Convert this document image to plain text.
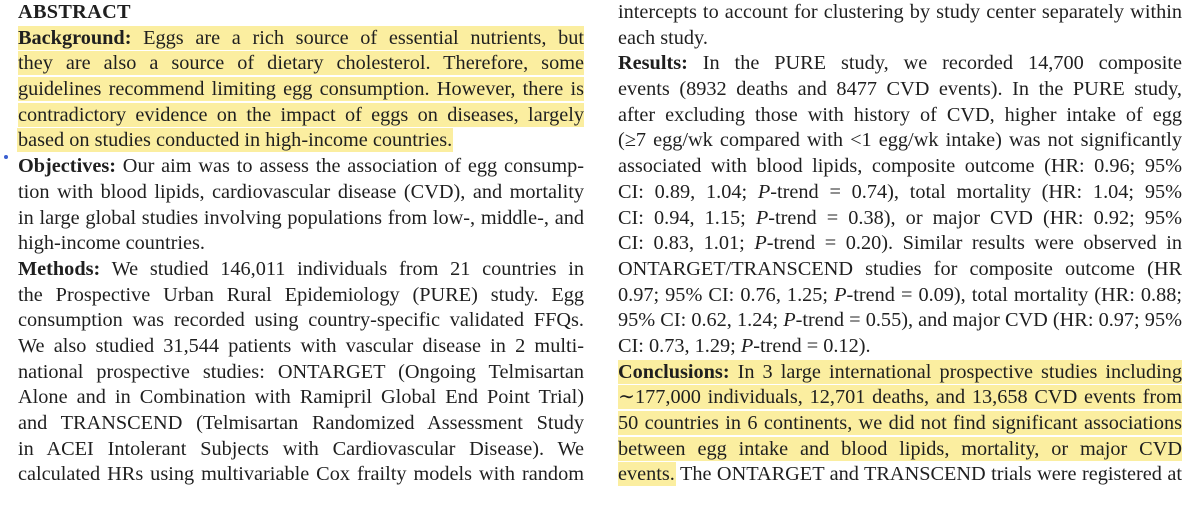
ABSTRACT
Background: Eggs are a rich source of essential nutrients, but
they are also a source of dietary cholesterol. Therefore, some
guidelines recommend limiting egg consumption. However, there is
contradictory evidence on the impact of eggs on diseases, largely
based on studies conducted in high-income countries.
Objectives: Our aim was to assess the association of egg consump-
tion with blood lipids, cardiovascular disease (CVD), and mortality
in large global studies involving populations from low-, middle-, and
high-income countries.
Methods: We studied 146,011 individuals from 21 countries in
the Prospective Urban Rural Epidemiology (PURE) study. Egg
consumption was recorded using country-specific validated FFQs.
We also studied 31,544 patients with vascular disease in 2 multi-
national prospective studies: ONTARGET (Ongoing Telmisartan
Alone and in Combination with Ramipril Global End Point Trial)
and TRANSCEND (Telmisartan Randomized Assessment Study
in ACEI Intolerant Subjects with Cardiovascular Disease). We
calculated HRs using multivariable Cox frailty models with random
intercepts to account for clustering by study center separately within
each study.
Results: In the PURE study, we recorded 14,700 composite
events (8932 deaths and 8477 CVD events). In the PURE study,
after excluding those with history of CVD, higher intake of egg
(≥7 egg/wk compared with <1 egg/wk intake) was not significantly
associated with blood lipids, composite outcome (HR: 0.96; 95%
CI: 0.89, 1.04; P-trend = 0.74), total mortality (HR: 1.04; 95%
CI: 0.94, 1.15; P-trend = 0.38), or major CVD (HR: 0.92; 95%
CI: 0.83, 1.01; P-trend = 0.20). Similar results were observed in
ONTARGET/TRANSCEND studies for composite outcome (HR
0.97; 95% CI: 0.76, 1.25; P-trend = 0.09), total mortality (HR: 0.88;
95% CI: 0.62, 1.24; P-trend = 0.55), and major CVD (HR: 0.97; 95%
CI: 0.73, 1.29; P-trend = 0.12).
Conclusions: In 3 large international prospective studies including
∼177,000 individuals, 12,701 deaths, and 13,658 CVD events from
50 countries in 6 continents, we did not find significant associations
between egg intake and blood lipids, mortality, or major CVD
events. The ONTARGET and TRANSCEND trials were registered at
